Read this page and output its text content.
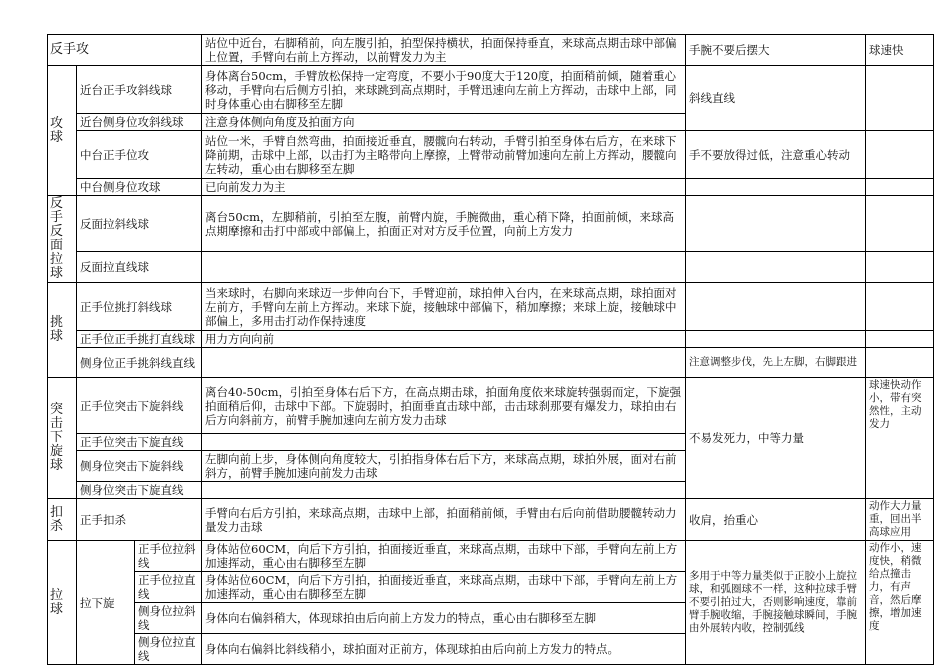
反手攻			站位中近台，右脚稍前，向左腹引拍，拍型保持横状，拍面保持垂直，来球高点期击球中部偏上位置，手臂向右前上方挥动，以前臂发力为主	手腕不要后摆大	球速快
攻球	近台正手攻斜线球		身体离台50cm，手臂放松保持一定弯度，不要小于90度大于120度，拍面稍前倾，随着重心移动，手臂向右后侧方引拍，来球跳到高点期时，手臂迅速向左前上方挥动，击球中上部，同时身体重心由右脚移至左脚	斜线直线	
	近台侧身位攻斜线球		注意身体侧向角度及拍面方向		
	中台正手位攻		站位一米，手臂自然弯曲，拍面接近垂直，腰髋向右转动，手臂引拍至身体右后方，在来球下降前期，击球中上部，以击打为主略带向上摩擦，上臂带动前臂加速向左前上方挥动，腰髋向左转动，重心由右脚移至左脚	手不要放得过低，注意重心转动	
	中台侧身位攻球		已向前发力为主		
反手反面拉球	反面拉斜线球		离台50cm，左脚稍前，引拍至左腹，前臂内旋，手腕微曲，重心稍下降，拍面前倾，来球高点期摩擦和击打中部或中部偏上，拍面正对对方反手位置，向前上方发力		
	反面拉直线球				
挑球	正手位挑打斜线球		当来球时，右脚向来球迈一步伸向台下，手臂迎前，球拍伸入台内，在来球高点期，球拍面对左前方，手臂向左前上方挥动。来球下旋，接触球中部偏下，稍加摩擦；来球上旋，接触球中部偏上，多用击打动作保持速度		
	正手位正手挑打直线球		用力方向向前		
	侧身位正手挑斜线直线			注意调整步伐，先上左脚，右脚跟进	
突击下旋球	正手位突击下旋斜线		离台40-50cm，引拍至身体右后下方，在高点期击球，拍面角度依来球旋转强弱而定，下旋强拍面稍后仰，击球中下部。下旋弱时，拍面垂直击球中部，击击球刹那要有爆发力，球拍由右后方向斜前方，前臂手腕加速向左前方发力击球	不易发死力，中等力量	球速快动作小，带有突然性，主动发力
	正手位突击下旋直线				
	侧身位突击下旋斜线		左脚向前上步，身体侧向角度较大，引拍指身体右后下方，来球高点期，球拍外展，面对右前斜方，前臂手腕加速向前发力击球		
	侧身位突击下旋直线				
扣杀	正手扣杀		手臂向右后方引拍，来球高点期，击球中上部，拍面稍前倾，手臂由右后向前借助腰髋转动力量发力击球	收肩，抬重心	动作大力量重，回出半高球应用
拉球	拉下旋	正手位拉斜线	身体站位60CM，向后下方引拍，拍面接近垂直，来球高点期，击球中下部，手臂向左前上方加速挥动，重心由右脚移至左脚	多用于中等力量类似于正胶小上旋拉球，和弧圈球不一样，这种拉球手臂不要引拍过大，否则影响速度，靠前臂手腕收缩，手腕接触球瞬间，手腕由外展转内收，控制弧线	动作小，速度快，稍微给点撞击力，有声音，然后摩擦，增加速度
		正手位拉直线	身体站位60CM，向后下方引拍，拍面接近垂直，来球高点期，击球中下部，手臂向左前上方加速挥动，重心由右脚移至左脚		
		侧身位拉斜线	身体向右偏斜稍大，体现球拍由后向前上方发力的特点，重心由右脚移至左脚		
		侧身位拉直线	身体向右偏斜比斜线稍小，球拍面对正前方，体现球拍由后向前上方发力的特点。		
